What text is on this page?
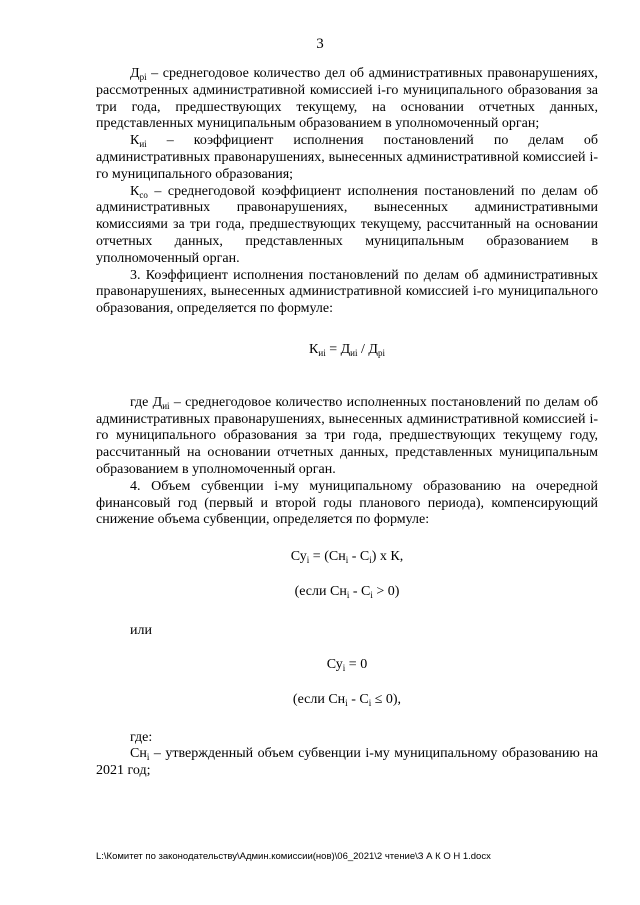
3

$Д_{рі}$ – среднегодовое количество дел об административных правонарушениях, рассмотренных административной комиссией і-го муниципального образования за три года, предшествующих текущему, на основании отчетных данных, представленных муниципальным образованием в уполномоченный орган;

$К_{иі}$ – коэффициент исполнения постановлений по делам об административных правонарушениях, вынесенных административной комиссией і-го муниципального образования;

$К_{со}$ – среднегодовой коэффициент исполнения постановлений по делам об административных правонарушениях, вынесенных административными комиссиями за три года, предшествующих текущему, рассчитанный на основании отчетных данных, представленных муниципальным образованием в уполномоченный орган.

3. Коэффициент исполнения постановлений по делам об административных правонарушениях, вынесенных административной комиссией і-го муниципального образования, определяется по формуле:

$К_{иі} = Д_{иі} / Д_{рі}$

где $Д_{иі}$ – среднегодовое количество исполненных постановлений по делам об административных правонарушениях, вынесенных административной комиссией і-го муниципального образования за три года, предшествующих текущему году, рассчитанный на основании отчетных данных, представленных муниципальным образованием в уполномоченный орган.

4. Объем субвенции і-му муниципальному образованию на очередной финансовый год (первый и второй годы планового периода), компенсирующий снижение объема субвенции, определяется по формуле:

$Су_і = (Сн_і - С_і)$ х К,
(если $Сн_і - С_і > 0$)
или
$Су_і = 0$
(если $Сн_і - С_і \le 0$),
где:

$Сн_і$ – утвержденный объем субвенции і-му муниципальному образованию на 2021 год;

L:\Комитет по законодательству\Админ.комиссии(нов)\06_2021\2 чтение\З А К О Н 1.docx
